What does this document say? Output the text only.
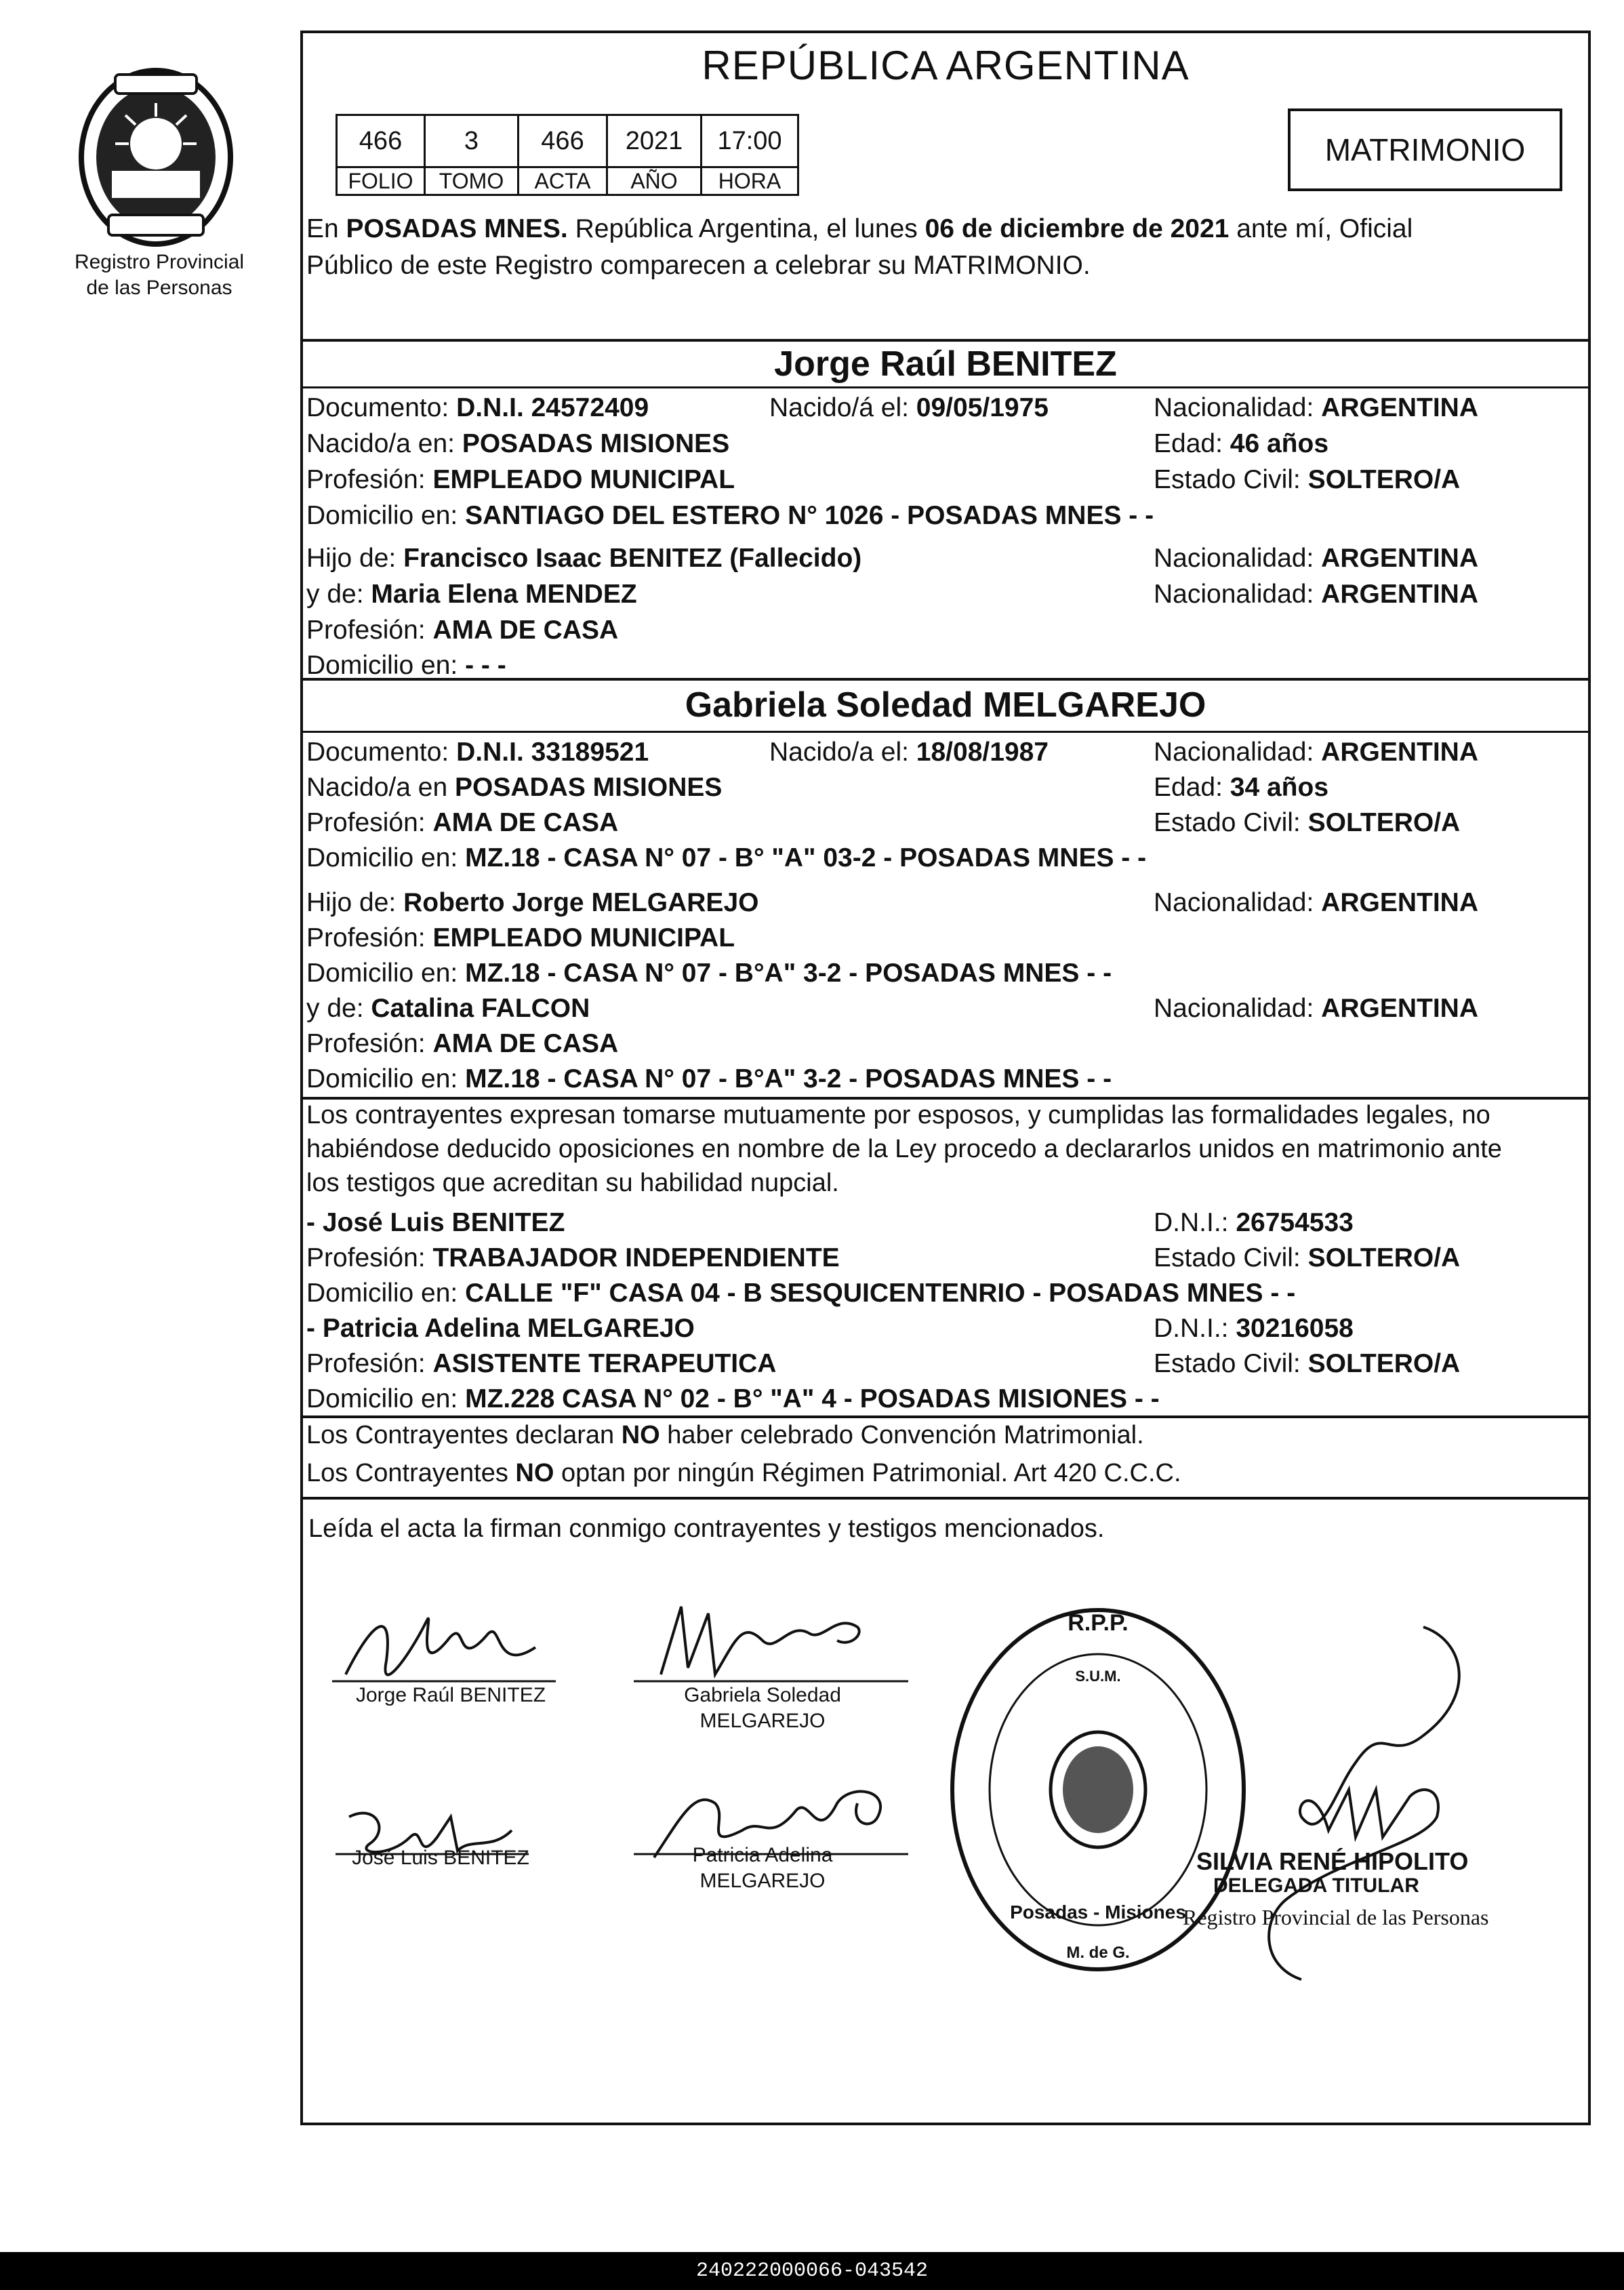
Registro Provincial
de las Personas
REPÚBLICA ARGENTINA
466	3	466	2021	17:00
FOLIO	TOMO	ACTA	AÑO	HORA
MATRIMONIO
En POSADAS MNES. República Argentina, el lunes 06 de diciembre de 2021 ante mí, Oficial
Público de este Registro comparecen a celebrar su MATRIMONIO.
Jorge Raúl BENITEZ
Documento: D.N.I. 24572409	Nacido/á el: 09/05/1975	Nacionalidad: ARGENTINA
Nacido/a en: POSADAS MISIONES	Edad: 46 años
Profesión: EMPLEADO MUNICIPAL	Estado Civil: SOLTERO/A
Domicilio en: SANTIAGO DEL ESTERO N° 1026 - POSADAS MNES - -
Hijo de: Francisco Isaac BENITEZ (Fallecido)	Nacionalidad: ARGENTINA
y de: Maria Elena MENDEZ	Nacionalidad: ARGENTINA
Profesión: AMA DE CASA
Domicilio en: - - -
Gabriela Soledad MELGAREJO
Documento: D.N.I. 33189521	Nacido/a el: 18/08/1987	Nacionalidad: ARGENTINA
Nacido/a en POSADAS MISIONES	Edad: 34 años
Profesión: AMA DE CASA	Estado Civil: SOLTERO/A
Domicilio en: MZ.18 - CASA N° 07 - B° "A" 03-2 - POSADAS MNES - -
Hijo de: Roberto Jorge MELGAREJO	Nacionalidad: ARGENTINA
Profesión: EMPLEADO MUNICIPAL
Domicilio en: MZ.18 - CASA N° 07 - B°A" 3-2 - POSADAS MNES - -
y de: Catalina FALCON	Nacionalidad: ARGENTINA
Profesión: AMA DE CASA
Domicilio en: MZ.18 - CASA N° 07 - B°A" 3-2 - POSADAS MNES - -
Los contrayentes expresan tomarse mutuamente por esposos, y cumplidas las formalidades legales, no
habiéndose deducido oposiciones en nombre de la Ley procedo a declararlos unidos en matrimonio ante
los testigos que acreditan su habilidad nupcial.
- José Luis BENITEZ	D.N.I.: 26754533
Profesión: TRABAJADOR INDEPENDIENTE	Estado Civil: SOLTERO/A
Domicilio en: CALLE "F" CASA 04 - B SESQUICENTENRIO - POSADAS MNES - -
- Patricia Adelina MELGAREJO	D.N.I.: 30216058
Profesión: ASISTENTE TERAPEUTICA	Estado Civil: SOLTERO/A
Domicilio en: MZ.228 CASA N° 02 - B° "A" 4 - POSADAS MISIONES - -
Los Contrayentes declaran NO haber celebrado Convención Matrimonial.
Los Contrayentes NO optan por ningún Régimen Patrimonial. Art 420 C.C.C.
Leída el acta la firman conmigo contrayentes y testigos mencionados.
Jorge Raúl BENITEZ	Gabriela Soledad
MELGAREJO
José Luis BENITEZ	Patricia Adelina
MELGAREJO
R.P.P.
S.U.M.
Posadas - Misiones
M. de G.
SILVIA RENÉ HIPOLITO
DELEGADA TITULAR
Registro Provincial de las Personas
240222000066-043542
